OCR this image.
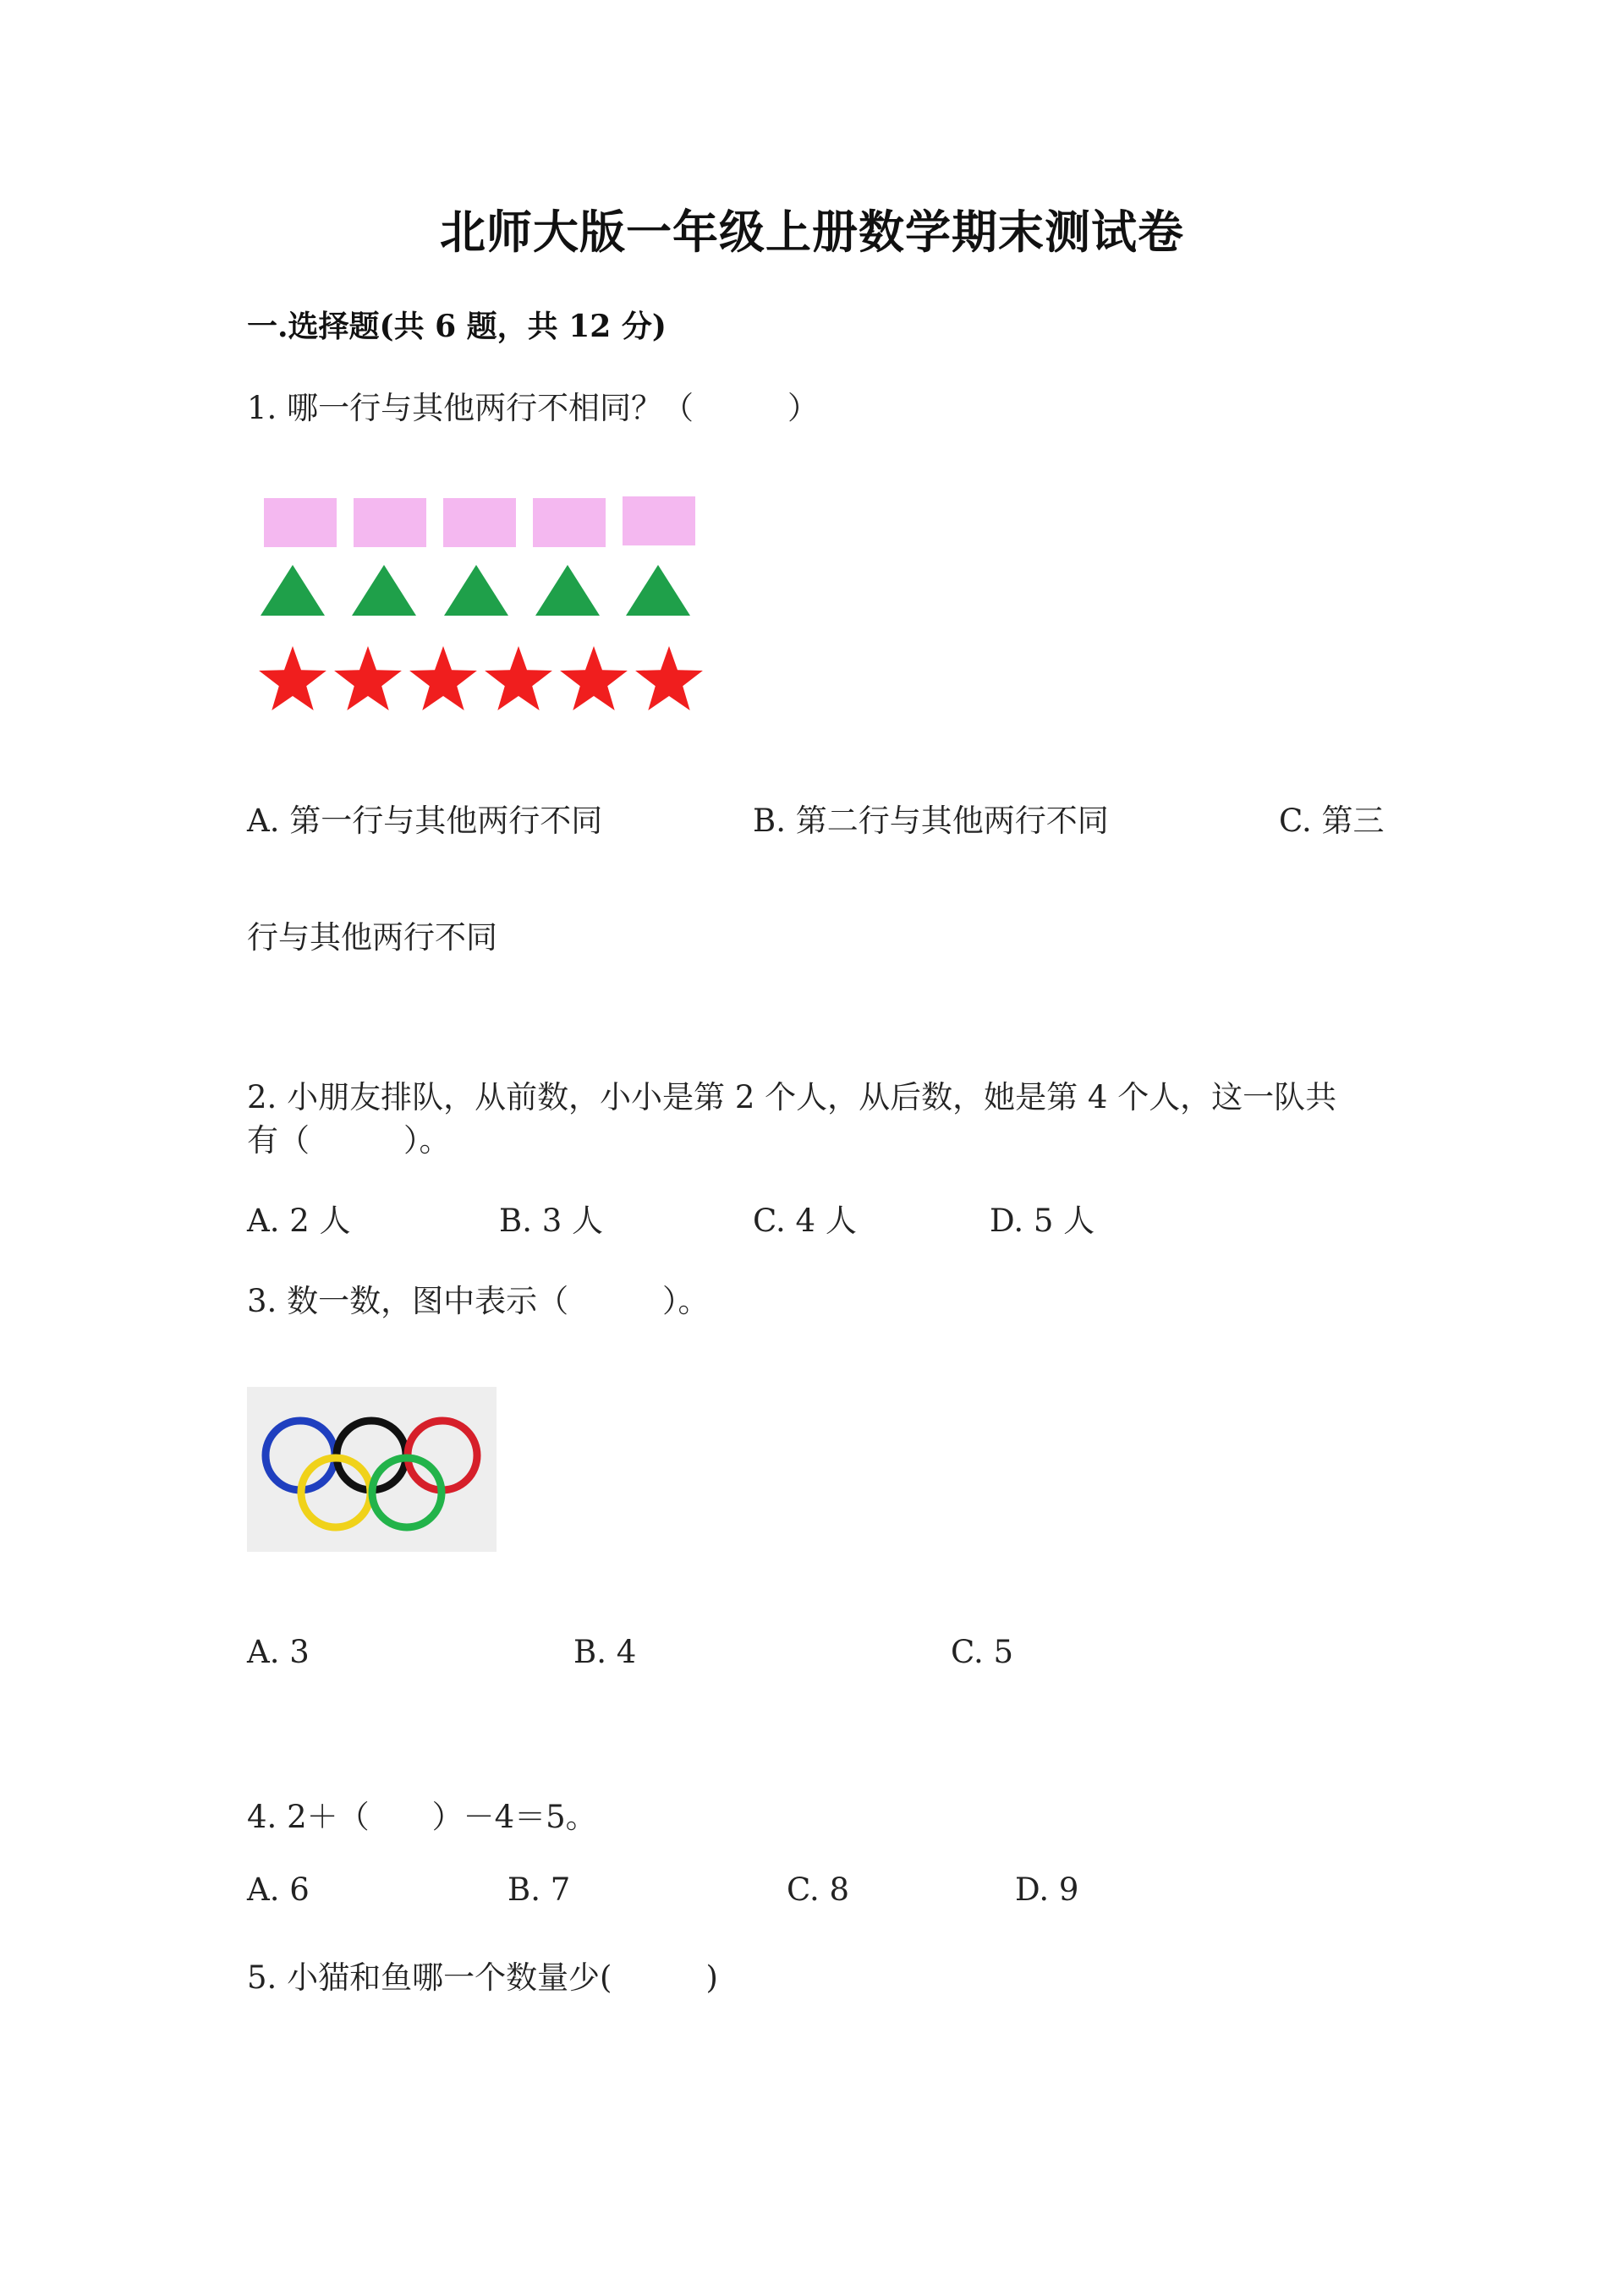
北师大版一年级上册数学期末测试卷
一.选择题(共 6 题，共 12 分)
1. 哪一行与其他两行不相同？（　　　）
A. 第一行与其他两行不同	B. 第二行与其他两行不同	C. 第三
行与其他两行不同
2. 小朋友排队，从前数，小小是第 2 个人，从后数，她是第 4 个人，这一队共
有（　　　）。
A. 2 人	B. 3 人	C. 4 人	D. 5 人
3. 数一数，图中表示（　　　）。
A. 3	B. 4	C. 5
4. 2＋（　　）－4＝5。
A. 6	B. 7	C. 8	D. 9
5. 小猫和鱼哪一个数量少(　　　)
